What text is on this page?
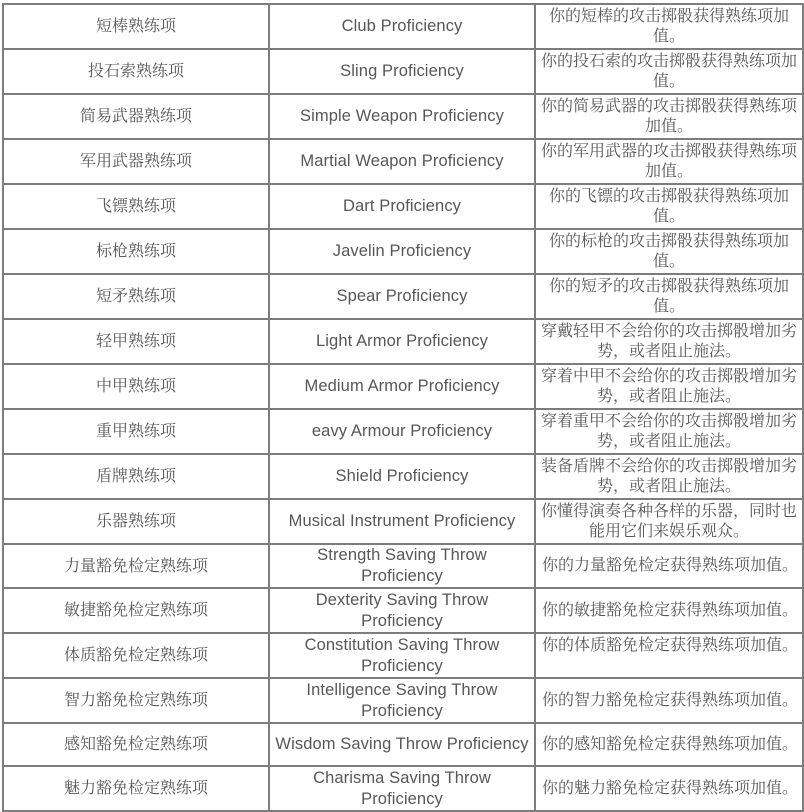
短棒熟练项	Club Proficiency	你的短棒的攻击掷骰获得熟练项加值。
投石索熟练项	Sling Proficiency	你的投石索的攻击掷骰获得熟练项加值。
简易武器熟练项	Simple Weapon Proficiency	你的简易武器的攻击掷骰获得熟练项加值。
军用武器熟练项	Martial Weapon Proficiency	你的军用武器的攻击掷骰获得熟练项加值。
飞镖熟练项	Dart Proficiency	你的飞镖的攻击掷骰获得熟练项加值。
标枪熟练项	Javelin Proficiency	你的标枪的攻击掷骰获得熟练项加值。
短矛熟练项	Spear Proficiency	你的短矛的攻击掷骰获得熟练项加值。
轻甲熟练项	Light Armor Proficiency	穿戴轻甲不会给你的攻击掷骰增加劣势，或者阻止施法。
中甲熟练项	Medium Armor Proficiency	穿着中甲不会给你的攻击掷骰增加劣势，或者阻止施法。
重甲熟练项	eavy Armour Proficiency	穿着重甲不会给你的攻击掷骰增加劣势，或者阻止施法。
盾牌熟练项	Shield Proficiency	装备盾牌不会给你的攻击掷骰增加劣势，或者阻止施法。
乐器熟练项	Musical Instrument Proficiency	你懂得演奏各种各样的乐器，同时也能用它们来娱乐观众。
力量豁免检定熟练项	Strength Saving Throw Proficiency	你的力量豁免检定获得熟练项加值。
敏捷豁免检定熟练项	Dexterity Saving Throw Proficiency	你的敏捷豁免检定获得熟练项加值。
体质豁免检定熟练项	Constitution Saving Throw Proficiency	你的体质豁免检定获得熟练项加值。
智力豁免检定熟练项	Intelligence Saving Throw Proficiency	你的智力豁免检定获得熟练项加值。
感知豁免检定熟练项	Wisdom Saving Throw Proficiency	你的感知豁免检定获得熟练项加值。
魅力豁免检定熟练项	Charisma Saving Throw Proficiency	你的魅力豁免检定获得熟练项加值。
